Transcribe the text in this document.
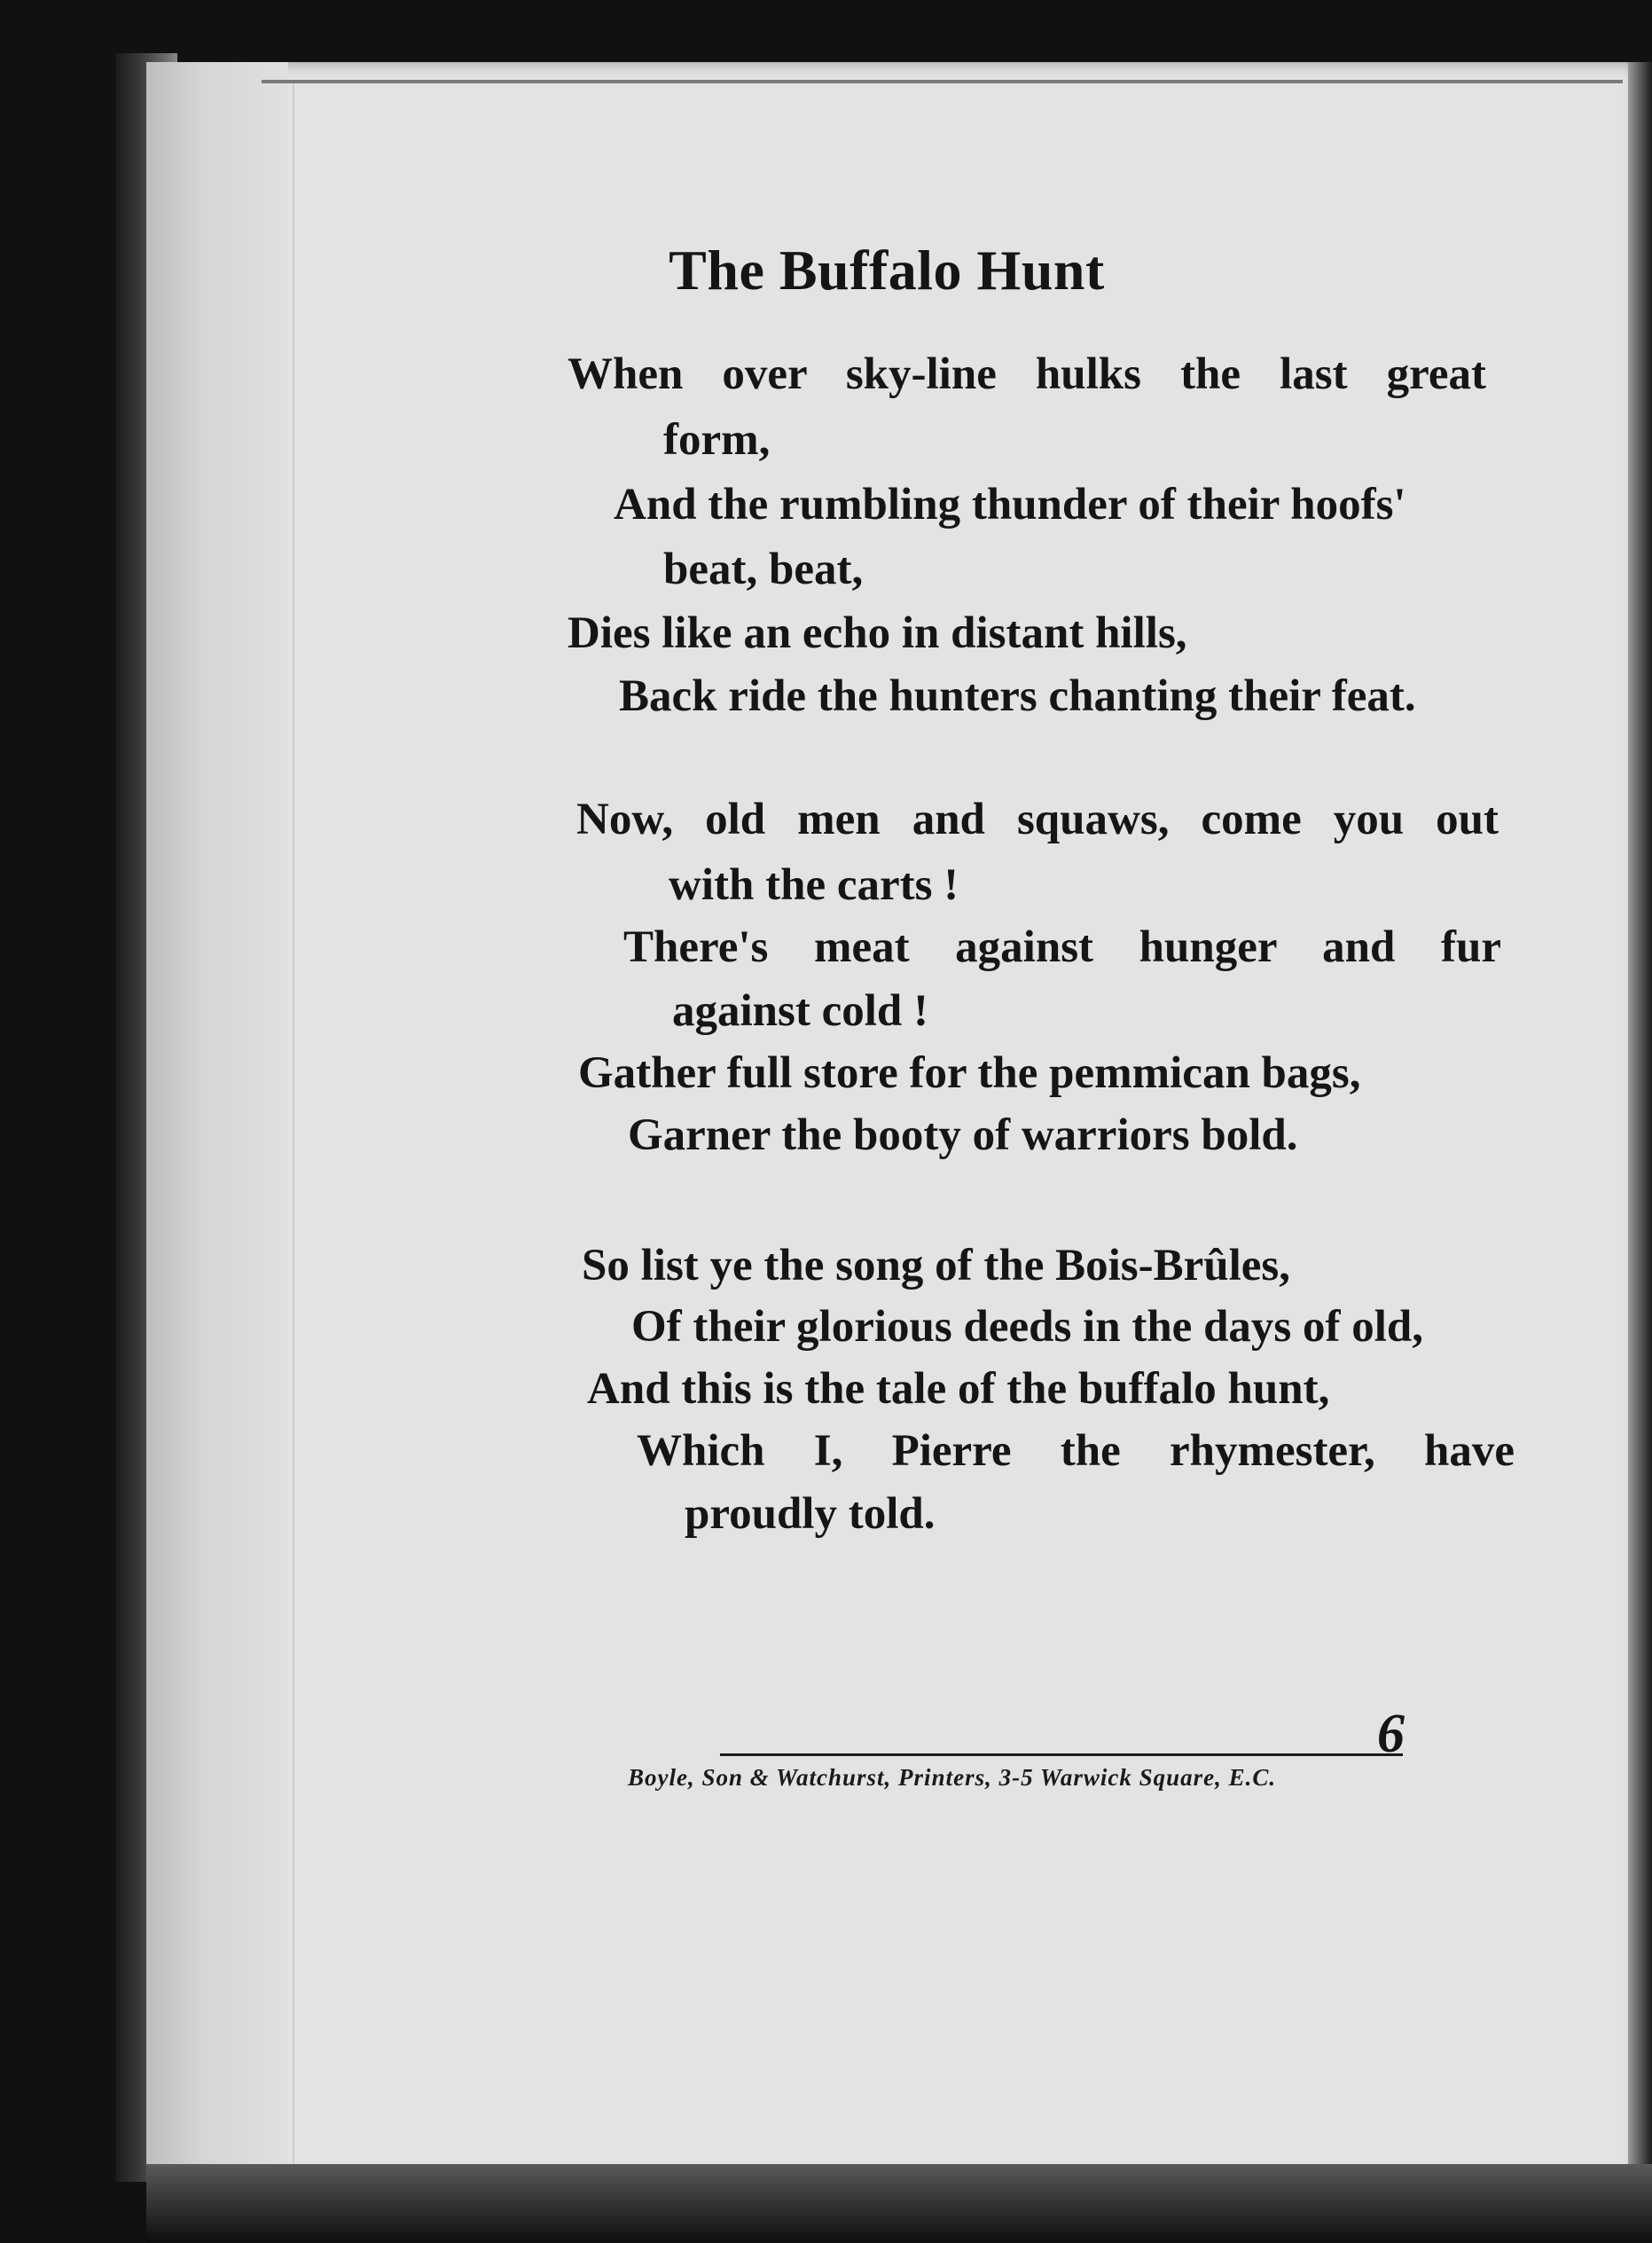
The Buffalo Hunt

When over sky-line hulks the last great

form,

And the rumbling thunder of their hoofs'

beat, beat,

Dies like an echo in distant hills,

Back ride the hunters chanting their feat.

Now, old men and squaws, come you out

with the carts !

There's meat against hunger and fur

against cold !

Gather full store for the pemmican bags,

Garner the booty of warriors bold.

So list ye the song of the Bois-Brûles,

Of their glorious deeds in the days of old,

And this is the tale of the buffalo hunt,

Which I, Pierre the rhymester, have

proudly told.

6

Boyle, Son & Watchurst, Printers, 3-5 Warwick Square, E.C.
